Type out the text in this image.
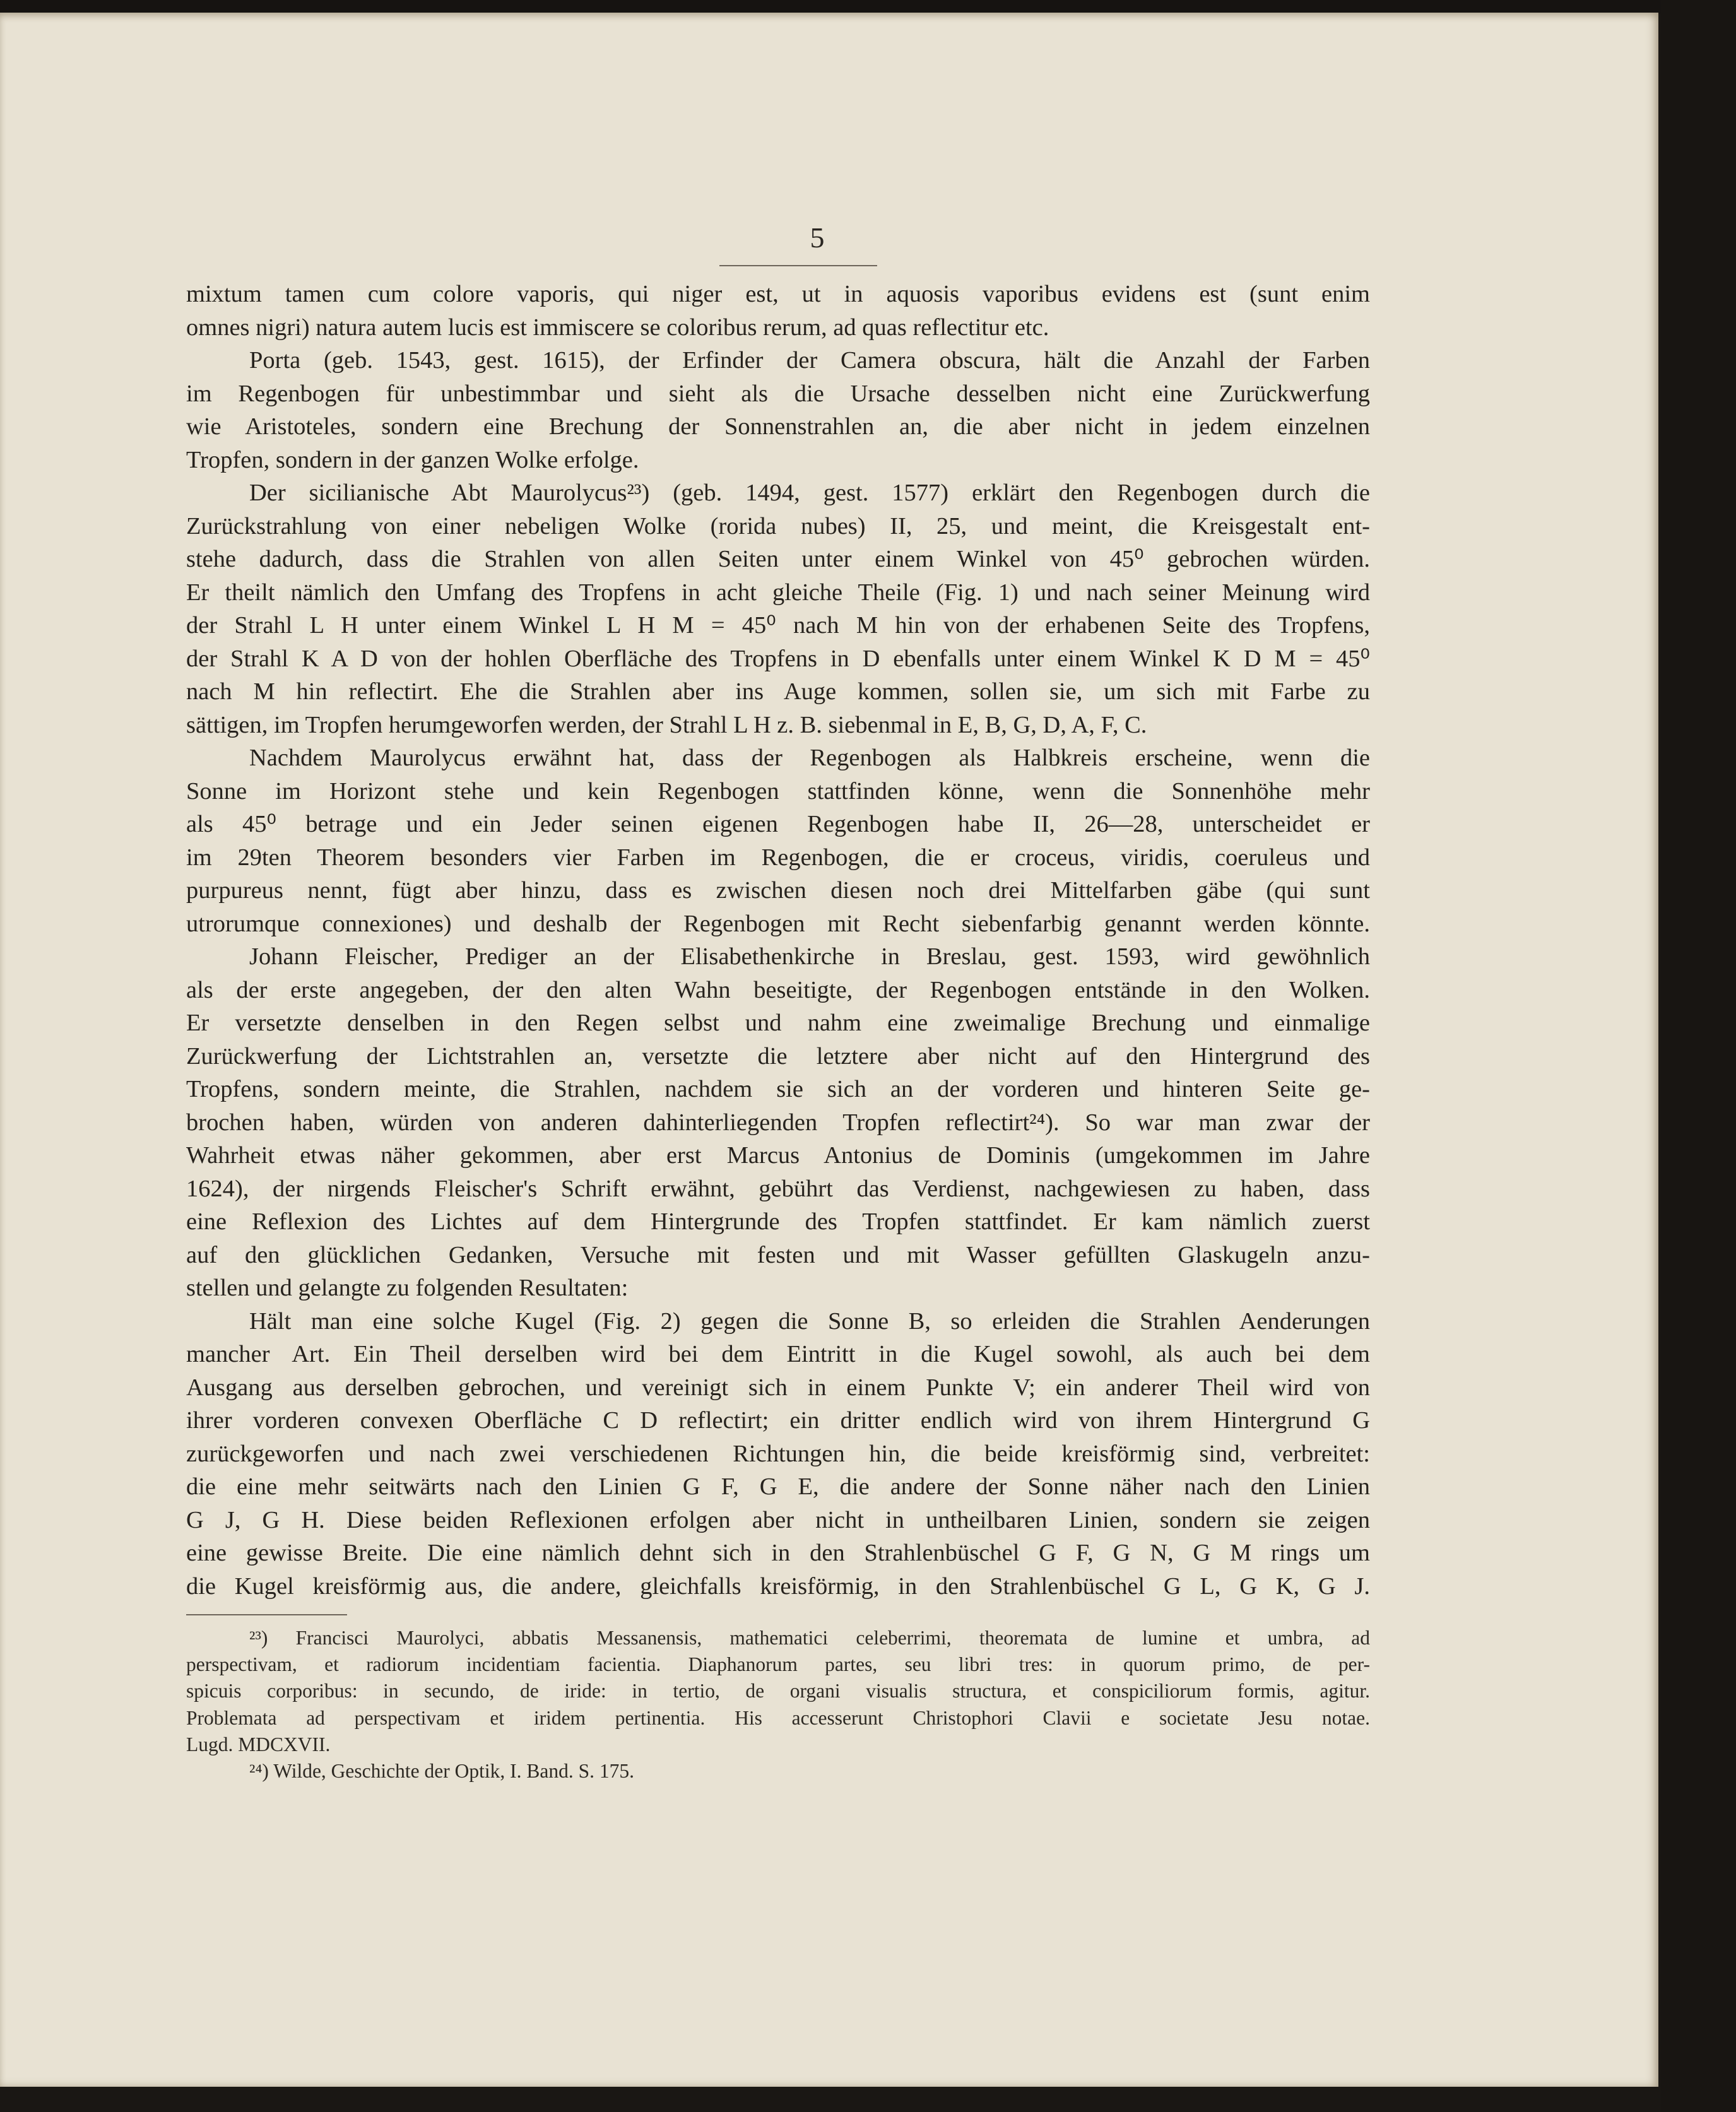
5
mixtum tamen cum colore vaporis, qui niger est, ut in aquosis vaporibus evidens est (sunt enim
omnes nigri) natura autem lucis est immiscere se coloribus rerum, ad quas reflectitur etc.
Porta (geb. 1543, gest. 1615), der Erfinder der Camera obscura, hält die Anzahl der Farben
im Regenbogen für unbestimmbar und sieht als die Ursache desselben nicht eine Zurückwerfung
wie Aristoteles, sondern eine Brechung der Sonnenstrahlen an, die aber nicht in jedem einzelnen
Tropfen, sondern in der ganzen Wolke erfolge.
Der sicilianische Abt Maurolycus²³) (geb. 1494, gest. 1577) erklärt den Regenbogen durch die
Zurückstrahlung von einer nebeligen Wolke (rorida nubes) II, 25, und meint, die Kreisgestalt ent-
stehe dadurch, dass die Strahlen von allen Seiten unter einem Winkel von 45⁰ gebrochen würden.
Er theilt nämlich den Umfang des Tropfens in acht gleiche Theile (Fig. 1) und nach seiner Meinung wird
der Strahl L H unter einem Winkel L H M = 45⁰ nach M hin von der erhabenen Seite des Tropfens,
der Strahl K A D von der hohlen Oberfläche des Tropfens in D ebenfalls unter einem Winkel K D M = 45⁰
nach M hin reflectirt. Ehe die Strahlen aber ins Auge kommen, sollen sie, um sich mit Farbe zu
sättigen, im Tropfen herumgeworfen werden, der Strahl L H z. B. siebenmal in E, B, G, D, A, F, C.
Nachdem Maurolycus erwähnt hat, dass der Regenbogen als Halbkreis erscheine, wenn die
Sonne im Horizont stehe und kein Regenbogen stattfinden könne, wenn die Sonnenhöhe mehr
als 45⁰ betrage und ein Jeder seinen eigenen Regenbogen habe II, 26—28, unterscheidet er
im 29ten Theorem besonders vier Farben im Regenbogen, die er croceus, viridis, coeruleus und
purpureus nennt, fügt aber hinzu, dass es zwischen diesen noch drei Mittelfarben gäbe (qui sunt
utrorumque connexiones) und deshalb der Regenbogen mit Recht siebenfarbig genannt werden könnte.
Johann Fleischer, Prediger an der Elisabethenkirche in Breslau, gest. 1593, wird gewöhnlich
als der erste angegeben, der den alten Wahn beseitigte, der Regenbogen entstände in den Wolken.
Er versetzte denselben in den Regen selbst und nahm eine zweimalige Brechung und einmalige
Zurückwerfung der Lichtstrahlen an, versetzte die letztere aber nicht auf den Hintergrund des
Tropfens, sondern meinte, die Strahlen, nachdem sie sich an der vorderen und hinteren Seite ge-
brochen haben, würden von anderen dahinterliegenden Tropfen reflectirt²⁴). So war man zwar der
Wahrheit etwas näher gekommen, aber erst Marcus Antonius de Dominis (umgekommen im Jahre
1624), der nirgends Fleischer's Schrift erwähnt, gebührt das Verdienst, nachgewiesen zu haben, dass
eine Reflexion des Lichtes auf dem Hintergrunde des Tropfen stattfindet. Er kam nämlich zuerst
auf den glücklichen Gedanken, Versuche mit festen und mit Wasser gefüllten Glaskugeln anzu-
stellen und gelangte zu folgenden Resultaten:
Hält man eine solche Kugel (Fig. 2) gegen die Sonne B, so erleiden die Strahlen Aenderungen
mancher Art. Ein Theil derselben wird bei dem Eintritt in die Kugel sowohl, als auch bei dem
Ausgang aus derselben gebrochen, und vereinigt sich in einem Punkte V; ein anderer Theil wird von
ihrer vorderen convexen Oberfläche C D reflectirt; ein dritter endlich wird von ihrem Hintergrund G
zurückgeworfen und nach zwei verschiedenen Richtungen hin, die beide kreisförmig sind, verbreitet:
die eine mehr seitwärts nach den Linien G F, G E, die andere der Sonne näher nach den Linien
G J, G H. Diese beiden Reflexionen erfolgen aber nicht in untheilbaren Linien, sondern sie zeigen
eine gewisse Breite. Die eine nämlich dehnt sich in den Strahlenbüschel G F, G N, G M rings um
die Kugel kreisförmig aus, die andere, gleichfalls kreisförmig, in den Strahlenbüschel G L, G K, G J.
²³) Francisci Maurolyci, abbatis Messanensis, mathematici celeberrimi, theoremata de lumine et umbra, ad
perspectivam, et radiorum incidentiam facientia. Diaphanorum partes, seu libri tres: in quorum primo, de per-
spicuis corporibus: in secundo, de iride: in tertio, de organi visualis structura, et conspiciliorum formis, agitur.
Problemata ad perspectivam et iridem pertinentia. His accesserunt Christophori Clavii e societate Jesu notae.
Lugd. MDCXVII.
²⁴) Wilde, Geschichte der Optik, I. Band. S. 175.
